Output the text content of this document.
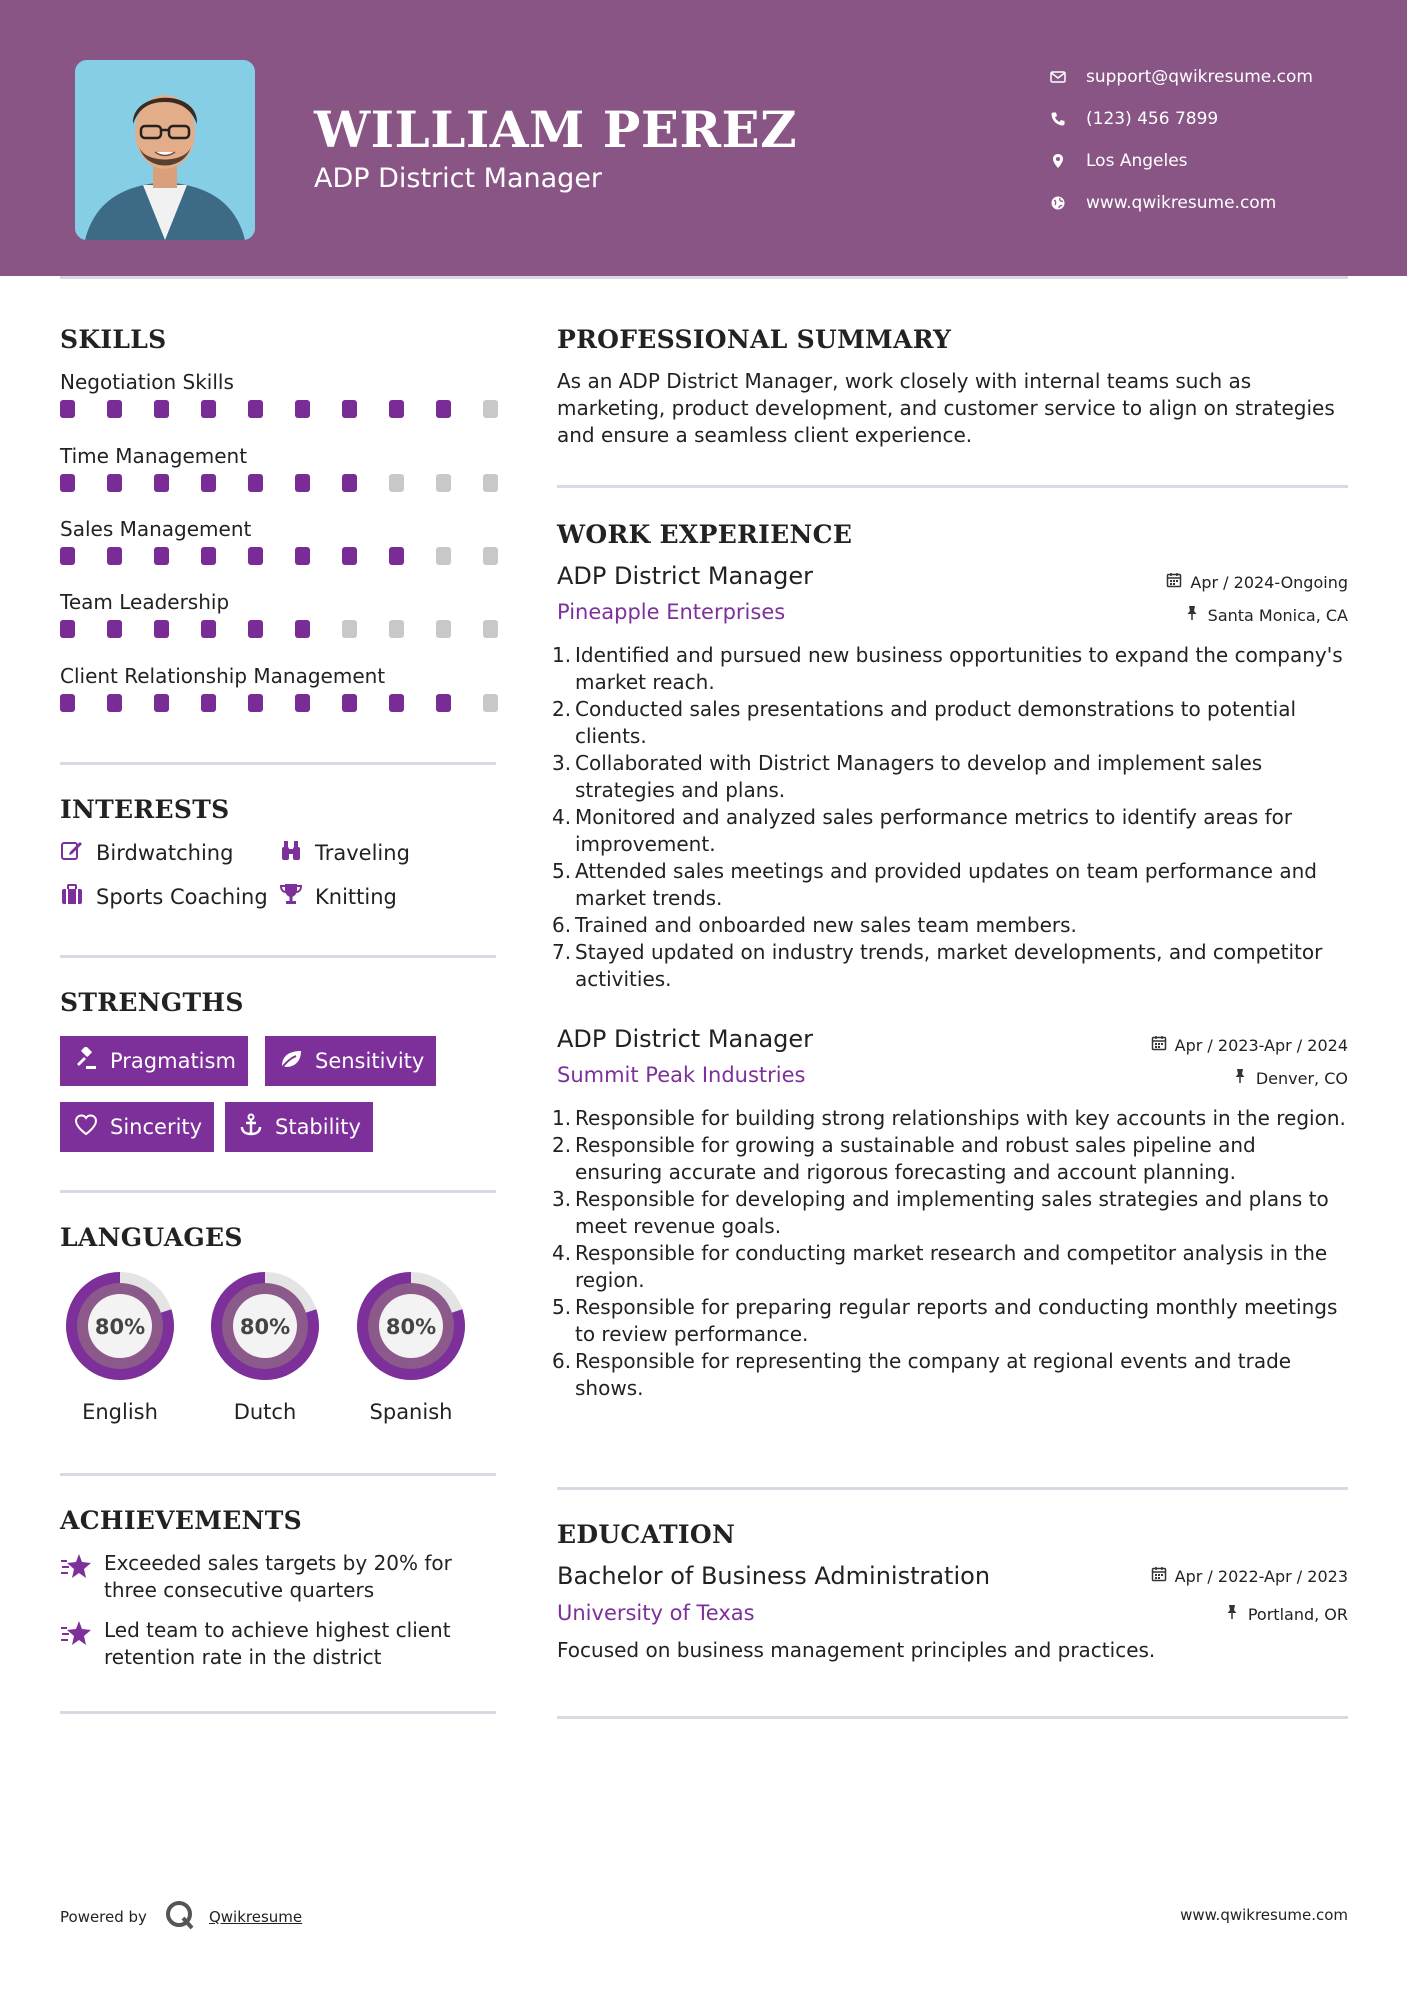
WILLIAM PEREZ
ADP District Manager
support@qwikresume.com
(123) 456 7899
Los Angeles
www.qwikresume.com
SKILLS
Negotiation Skills
Time Management
Sales Management
Team Leadership
Client Relationship Management
INTERESTS
Birdwatching	Traveling
Sports Coaching Knitting
STRENGTHS
Pragmatism	Sensitivity
Sincerity	Stability
LANGUAGES
80%
English
80%
Dutch
80%
Spanish
ACHIEVEMENTS
Exceeded sales targets by 20% for three consecutive quarters
Led team to achieve highest client retention rate in the district
PROFESSIONAL SUMMARY
As an ADP District Manager, work closely with internal teams such as marketing, product development, and customer service to align on strategies and ensure a seamless client experience.
WORK EXPERIENCE
ADP District Manager	Apr / 2024-Ongoing
Pineapple Enterprises	Santa Monica, CA
1. Identified and pursued new business opportunities to expand the company's market reach.
2. Conducted sales presentations and product demonstrations to potential clients.
3. Collaborated with District Managers to develop and implement sales strategies and plans.
4. Monitored and analyzed sales performance metrics to identify areas for improvement.
5. Attended sales meetings and provided updates on team performance and market trends.
6. Trained and onboarded new sales team members.
7. Stayed updated on industry trends, market developments, and competitor activities.
ADP District Manager	Apr / 2023-Apr / 2024
Summit Peak Industries	Denver, CO
1. Responsible for building strong relationships with key accounts in the region.
2. Responsible for growing a sustainable and robust sales pipeline and ensuring accurate and rigorous forecasting and account planning.
3. Responsible for developing and implementing sales strategies and plans to meet revenue goals.
4. Responsible for conducting market research and competitor analysis in the region.
5. Responsible for preparing regular reports and conducting monthly meetings to review performance.
6. Responsible for representing the company at regional events and trade shows.
EDUCATION
Bachelor of Business Administration	Apr / 2022-Apr / 2023
University of Texas	Portland, OR
Focused on business management principles and practices.
Powered by	Qwikresume	www.qwikresume.com
